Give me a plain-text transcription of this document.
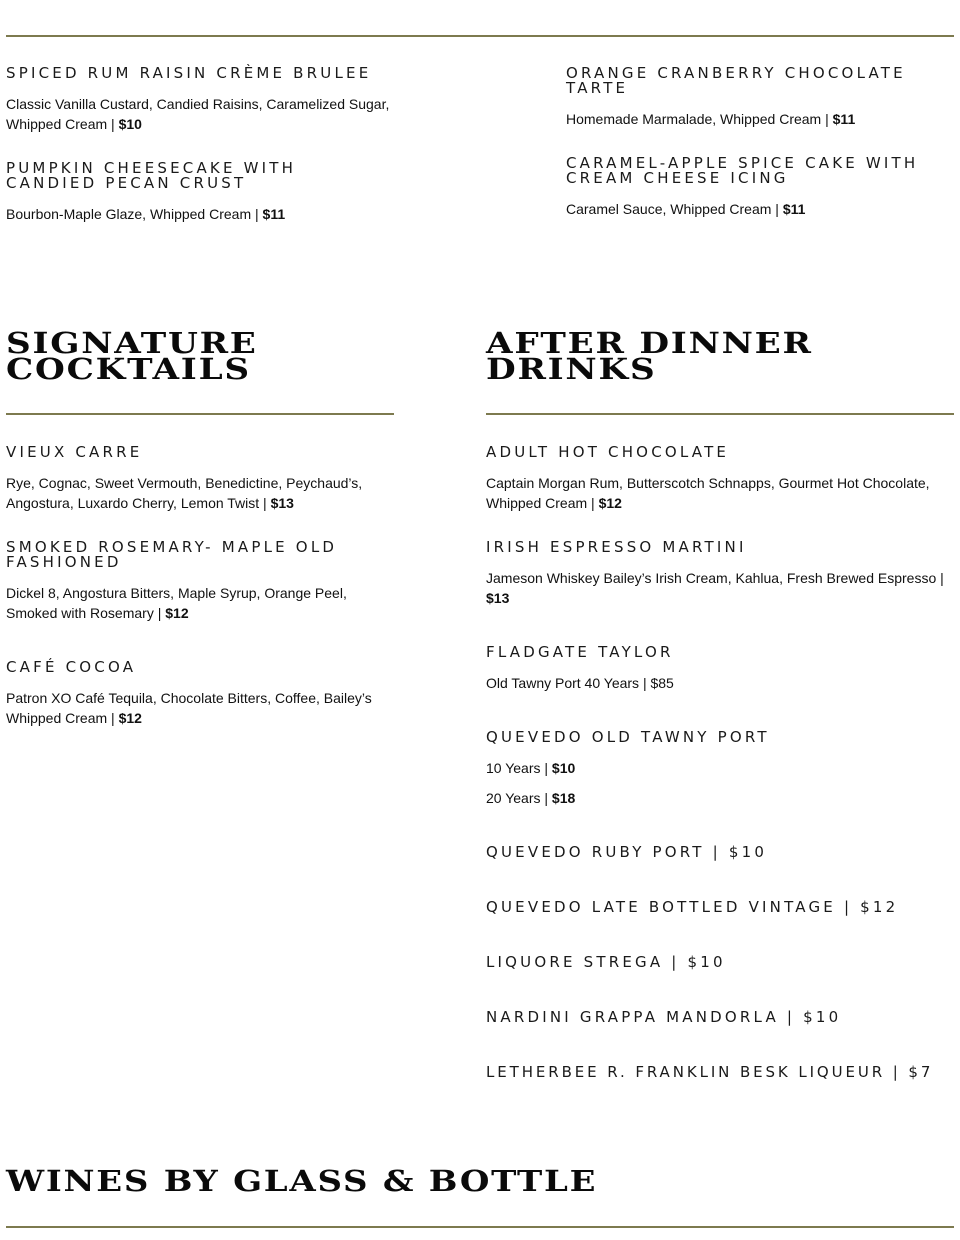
SPICED RUM RAISIN CRÈME BRULEE

Classic Vanilla Custard, Candied Raisins, Caramelized Sugar, Whipped Cream | $10

PUMPKIN CHEESECAKE WITH CANDIED PECAN CRUST

Bourbon-Maple Glaze, Whipped Cream | $11

ORANGE CRANBERRY CHOCOLATE TARTE

Homemade Marmalade, Whipped Cream | $11

CARAMEL-APPLE SPICE CAKE WITH CREAM CHEESE ICING

Caramel Sauce, Whipped Cream | $11

SIGNATURE
COCKTAILS
AFTER DINNER
DRINKS
VIEUX CARRE

Rye, Cognac, Sweet Vermouth, Benedictine, Peychaud’s, Angostura, Luxardo Cherry, Lemon Twist | $13

SMOKED ROSEMARY- MAPLE OLD FASHIONED

Dickel 8, Angostura Bitters, Maple Syrup, Orange Peel, Smoked with Rosemary | $12

CAFÉ COCOA

Patron XO Café Tequila, Chocolate Bitters, Coffee, Bailey’s Whipped Cream | $12

ADULT HOT CHOCOLATE

Captain Morgan Rum, Butterscotch Schnapps, Gourmet Hot Chocolate, Whipped Cream | $12

IRISH ESPRESSO MARTINI

Jameson Whiskey Bailey’s Irish Cream, Kahlua, Fresh Brewed Espresso | $13

FLADGATE TAYLOR

Old Tawny Port 40 Years | $85

QUEVEDO OLD TAWNY PORT

10 Years | $10

20 Years | $18

QUEVEDO RUBY PORT | $10
QUEVEDO LATE BOTTLED VINTAGE | $12
LIQUORE STREGA | $10
NARDINI GRAPPA MANDORLA | $10
LETHERBEE R. FRANKLIN BESK LIQUEUR | $7
WINES BY GLASS & BOTTLE
